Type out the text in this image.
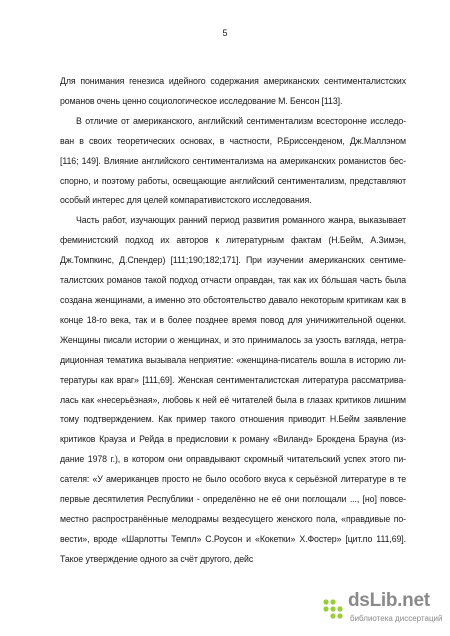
5
Для понимания генезиса идейного содержания американских сентименталистских
романов очень ценно социологическое исследование М. Бенсон [113].
В отличие от американского, английский сентиментализм всесторонне исследо-
ван в своих теоретических основах, в частности, Р.Бриссенденом, Дж.Маллэном
[116; 149]. Влияние английского сентиментализма на американских романистов бес-
спорно, и поэтому работы, освещающие английский сентиментализм, представляют
особый интерес для целей компаративистского исследования.
Часть работ, изучающих ранний период развития романного жанра, выказывает
феминистский подход их авторов к литературным фактам (Н.Бейм, А.Зимэн,
Дж.Томпкинс, Д.Спендер) [111;190;182;171]. При изучении американских сентиме-
талистских романов такой подход отчасти оправдан, так как их бóльшая часть была
создана женщинами, а именно это обстоятельство давало некоторым критикам как в
конце 18-го века, так и в более позднее время повод для уничижительной оценки.
Женщины писали истории о женщинах, и это принималось за узость взгляда, нетра-
диционная тематика вызывала неприятие: «женщина-писатель вошла в историю ли-
тературы как враг» [111,69]. Женская сентименталистская литература рассматрива-
лась как «несерьёзная», любовь к ней её читателей была в глазах критиков лишним
тому подтверждением. Как пример такого отношения приводит Н.Бейм заявление
критиков Крауза и Рейда в предисловии к роману «Виланд» Брокдена Брауна (из-
дание 1978 г.), в котором они оправдывают скромный читательский успех этого пи-
сателя: «У американцев просто не было особого вкуса к серьёзной литературе в те
первые десятилетия Республики - определённо не её они поглощали ..., [но] повсе-
местно распространённые мелодрамы вездесущего женского пола, «правдивые по-
вести», вроде «Шарлотты Темпл» С.Роусон и «Кокетки» Х.Фостер» [цит.по 111,69].
Такое утверждение одного за счёт другого, дейс
dsLib.net
библиотека диссертаций
